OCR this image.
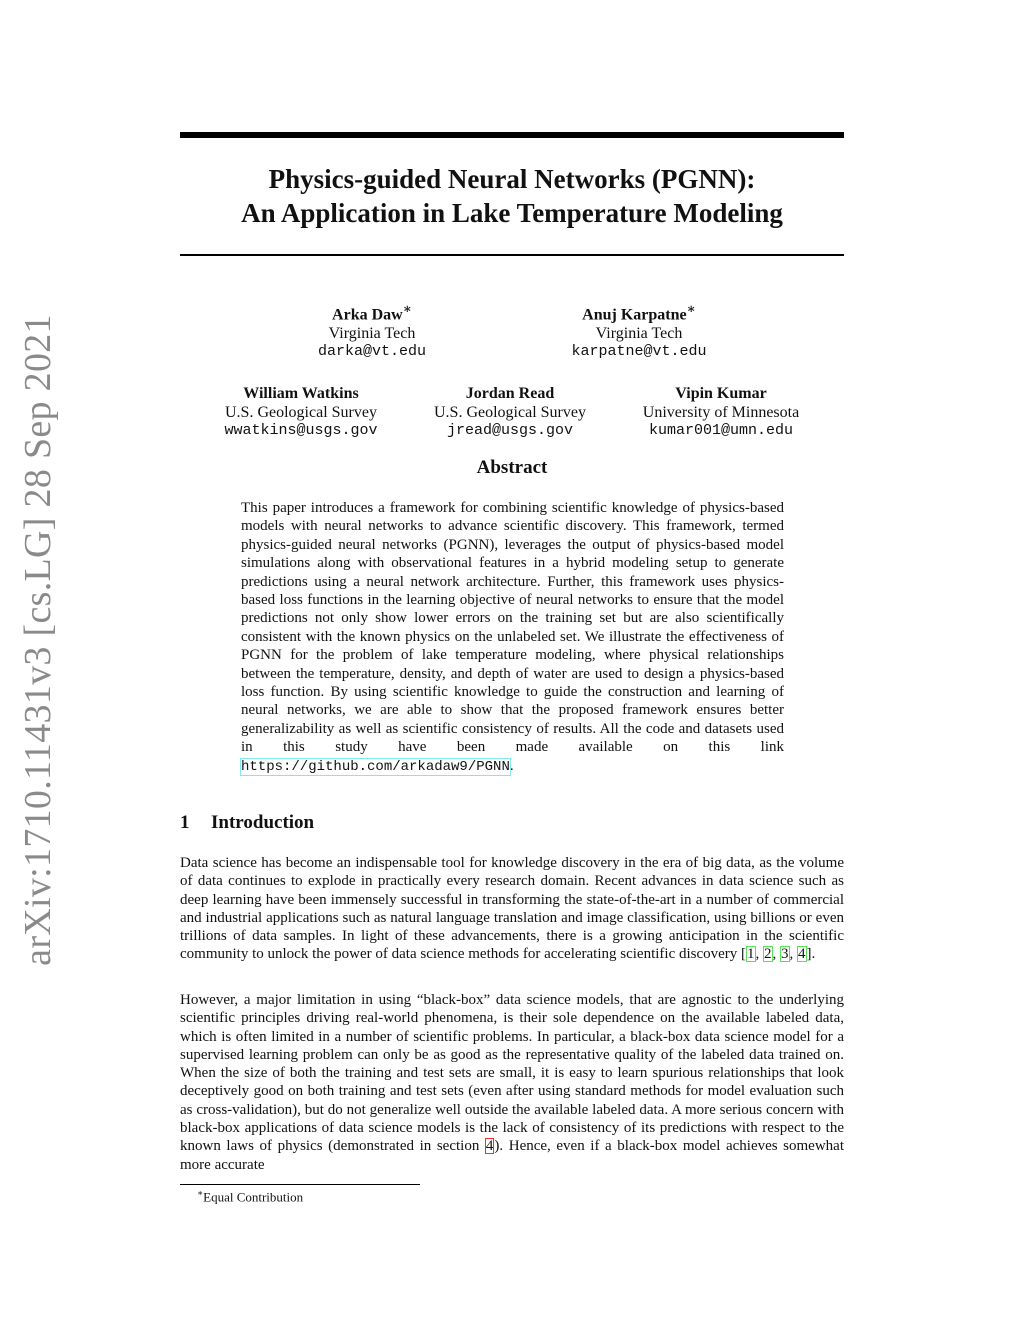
arXiv:1710.11431v3 [cs.LG] 28 Sep 2021
Physics-guided Neural Networks (PGNN):
An Application in Lake Temperature Modeling
Arka Daw∗
Virginia Tech
darka@vt.edu
Anuj Karpatne∗
Virginia Tech
karpatne@vt.edu
William Watkins
U.S. Geological Survey
wwatkins@usgs.gov
Jordan Read
U.S. Geological Survey
jread@usgs.gov
Vipin Kumar
University of Minnesota
kumar001@umn.edu
Abstract
This paper introduces a framework for combining scientific knowledge of physics-based models with neural networks to advance scientific discovery. This framework, termed physics-guided neural networks (PGNN), leverages the output of physics-based model simulations along with observational features in a hybrid modeling setup to generate predictions using a neural network architecture. Further, this framework uses physics-based loss functions in the learning objective of neural networks to ensure that the model predictions not only show lower errors on the training set but are also scientifically consistent with the known physics on the unlabeled set. We illustrate the effectiveness of PGNN for the problem of lake temperature modeling, where physical relationships between the temperature, density, and depth of water are used to design a physics-based loss function. By using scientific knowledge to guide the construction and learning of neural networks, we are able to show that the proposed framework ensures better generalizability as well as scientific consistency of results. All the code and datasets used in this study have been made available on this link https://github.com/arkadaw9/PGNN.
1 Introduction
Data science has become an indispensable tool for knowledge discovery in the era of big data, as the volume of data continues to explode in practically every research domain. Recent advances in data science such as deep learning have been immensely successful in transforming the state-of-the-art in a number of commercial and industrial applications such as natural language translation and image classification, using billions or even trillions of data samples. In light of these advancements, there is a growing anticipation in the scientific community to unlock the power of data science methods for accelerating scientific discovery [1, 2, 3, 4].
However, a major limitation in using “black-box” data science models, that are agnostic to the underlying scientific principles driving real-world phenomena, is their sole dependence on the available labeled data, which is often limited in a number of scientific problems. In particular, a black-box data science model for a supervised learning problem can only be as good as the representative quality of the labeled data trained on. When the size of both the training and test sets are small, it is easy to learn spurious relationships that look deceptively good on both training and test sets (even after using standard methods for model evaluation such as cross-validation), but do not generalize well outside the available labeled data. A more serious concern with black-box applications of data science models is the lack of consistency of its predictions with respect to the known laws of physics (demonstrated in section 4). Hence, even if a black-box model achieves somewhat more accurate
∗Equal Contribution
